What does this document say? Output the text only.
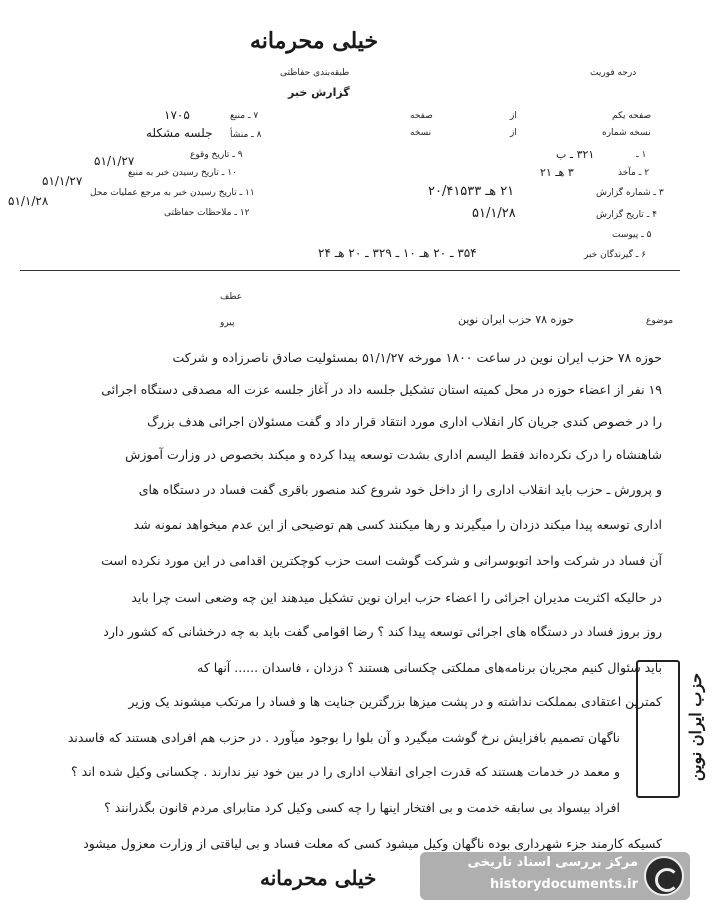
خیلی محرمانه
طبقه‌بندی حفاظتی
گزارش خبر
درجه فوریت
صفحه یکم
از
صفحه
نسخه شماره
از
نسخه
۱ ـ
۳۲۱ ـ ب
۲ ـ مآخذ
۳ هـ ۲۱
۳ ـ شماره گزارش
۲۱ هـ ۲۰/۴۱۵۳۳
۴ ـ تاریخ گزارش
۵۱/۱/۲۸
۵ ـ پیوست
۶ ـ گیرندگان خبر
۳۵۴ ـ ۲۰ هـ ۱۰ ـ ۳۲۹ ـ ۲۰ هـ ۲۴
۷ ـ منبع
۱۷۰۵
۸ ـ منشأ
جلسه مشکله
۹ ـ تاریخ وقوع
۵۱/۱/۲۷
۱۰ ـ تاریخ رسیدن خبر به منبع
۵۱/۱/۲۷
۱۱ ـ تاریخ رسیدن خبر به مرجع عملیات محل
۵۱/۱/۲۸
۱۲ ـ ملاحظات حفاظتی
عطف
پیرو	موضوع
حوزه ۷۸ حزب ایران نوین
حوزه ۷۸ حزب ایران نوین در ساعت ۱۸۰۰ مورخه ۵۱/۱/۲۷ بمسئولیت صادق ناصرزاده و شرکت
۱۹ نفر از اعضاء حوزه در محل کمیته استان تشکیل جلسه داد در آغاز جلسه عزت اله مصدقی دستگاه اجرائی
را در خصوص کندی جریان کار انقلاب اداری مورد انتقاد قرار داد و گفت مسئولان اجرائی هدف بزرگ
شاهنشاه را درک نکرده‌اند فقط الیسم اداری بشدت توسعه پیدا کرده و میکند بخصوص در وزارت آموزش
و پرورش ـ حزب باید انقلاب اداری را از داخل خود شروع کند منصور باقری گفت فساد در دستگاه های
اداری توسعه پیدا میکند دزدان را میگیرند و رها میکنند کسی هم توضیحی از این عدم میخواهد نمونه شد
آن فساد در شرکت واحد اتوبوسرانی و شرکت گوشت است حزب کوچکترین اقدامی در این مورد نکرده است
در حالیکه اکثریت مدیران اجرائی را اعضاء حزب ایران نوین تشکیل میدهند این چه وضعی است چرا باید
روز بروز فساد در دستگاه های اجرائی توسعه پیدا کند ؟ رضا اقوامی گفت باید به چه درخشانی که کشور دارد
باید سئوال کنیم مجریان برنامه‌های مملکتی چکسانی هستند ؟ دزدان ، فاسدان ...... آنها که
کمترین اعتقادی بمملکت نداشته و در پشت میزها بزرگترین جنایت ها و فساد را مرتکب میشوند یک وزیر
ناگهان تصمیم بافزایش نرخ گوشت میگیرد و آن بلوا را بوجود میآورد . در حزب هم افرادی هستند که فاسدند
و معمد در خدمات هستند که قدرت اجرای انقلاب اداری را در بین خود نیز ندارند . چکسانی وکیل شده اند ؟
افراد بیسواد بی سابقه خدمت و بی افتخار اینها را چه کسی وکیل کرد متابرای مردم قانون بگذرانند ؟
کسیکه کارمند جزء شهرداری بوده ناگهان وکیل میشود کسی که معلت فساد و بی لیاقتی از وزارت معزول میشود
خیلی محرمانه
حزب ایران نوین
مرکز بررسی اسناد تاریخی
historydocuments.ir
